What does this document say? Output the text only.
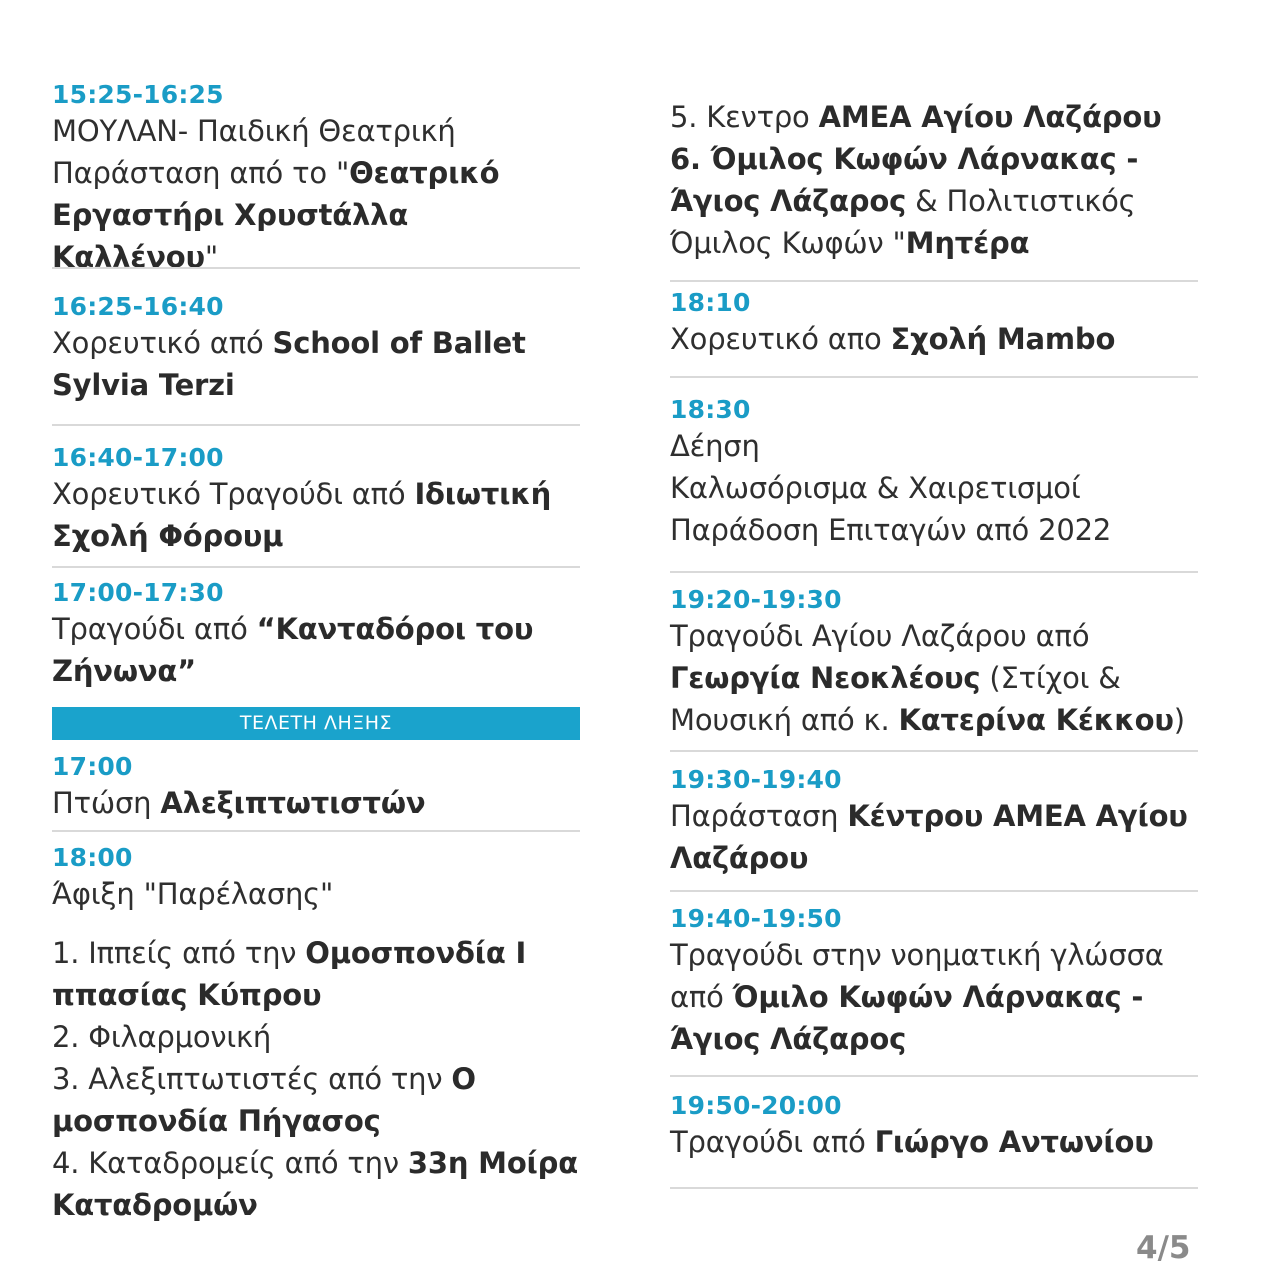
15:25-16:25
ΜΟΥΛΑΝ- Παιδική Θεατρική
Παράσταση από το "Θεατρικό
Εργαστήρι Χρυσtάλλα Καλλένου"
16:25-16:40
Χορευτικό από School of Ballet
Sylvia Terzi
16:40-17:00
Χορευτικό Τραγούδι από Ιδιωτική
Σχολή Φόρουμ
17:00-17:30
Τραγούδι από “Κανταδόροι του
Ζήνωνα”
ΤΕΛΕΤΗ ΛΗΞΗΣ
17:00
Πτώση Αλεξιπτωτιστών
18:00
Άφιξη "Παρέλασης"
1. Ιππείς από την Ομοσπονδία Ι
ππασίας Κύπρου
2. Φιλαρμονική
3. Αλεξιπτωτιστές από την Ο
μοσπονδία Πήγασος
4. Καταδρομείς από την 33η Μοίρα
Καταδρομών
5. Κεντρο ΑΜΕΑ Αγίου Λαζάρου
6. Όμιλος Κωφών Λάρνακας -
Άγιος Λάζαρος & Πολιτιστικός
Όμιλος Κωφών "Μητέρα
18:10
Χορευτικό απο Σχολή Mambo
18:30
Δέηση
Καλωσόρισμα & Χαιρετισμοί
Παράδοση Επιταγών από 2022
19:20-19:30
Τραγούδι Αγίου Λαζάρου από
Γεωργία Νεοκλέους (Στίχοι &
Μουσική από κ. Κατερίνα Κέκκου)
19:30-19:40
Παράσταση Κέντρου ΑΜΕΑ Αγίου
Λαζάρου
19:40-19:50
Τραγούδι στην νοηματική γλώσσα
από Όμιλο Κωφών Λάρνακας -
Άγιος Λάζαρος
19:50-20:00
Τραγούδι από Γιώργο Αντωνίου
4/5
